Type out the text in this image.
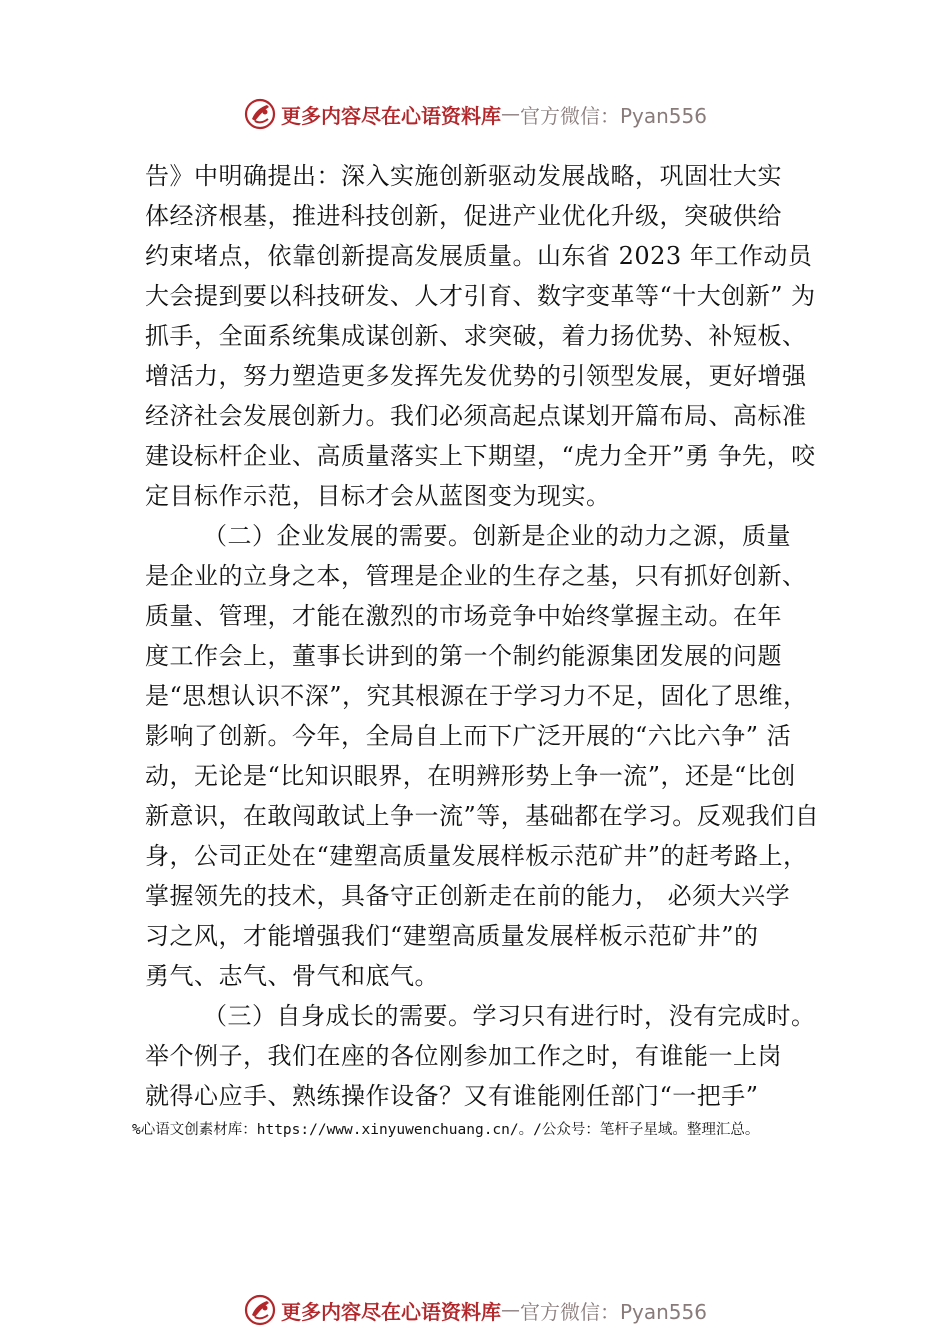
更多内容尽在心语资料库 — 官方微信：Pyan556
告》中明确提出：深入实施创新驱动发展战略，巩固壮大实
体经济根基，推进科技创新，促进产业优化升级，突破供给
约束堵点，依靠创新提高发展质量。山东省 2023 年工作动员
大会提到要以科技研发、人才引育、数字变革等“十大创新” 为
抓手，全面系统集成谋创新、求突破，着力扬优势、补短板、
增活力，努力塑造更多发挥先发优势的引领型发展，更好增强
经济社会发展创新力。我们必须高起点谋划开篇布局、高标准
建设标杆企业、高质量落实上下期望，“虎力全开”勇 争先，咬
定目标作示范，目标才会从蓝图变为现实。
（二）企业发展的需要。创新是企业的动力之源，质量
是企业的立身之本，管理是企业的生存之基，只有抓好创新、
质量、管理，才能在激烈的市场竞争中始终掌握主动。在年
度工作会上，董事长讲到的第一个制约能源集团发展的问题
是“思想认识不深”，究其根源在于学习力不足，固化了思维，
影响了创新。今年，全局自上而下广泛开展的“六比六争” 活
动，无论是“比知识眼界，在明辨形势上争一流”，还是“比创
新意识，在敢闯敢试上争一流”等，基础都在学习。反观我们自
身，公司正处在“建塑高质量发展样板示范矿井”的赶考路上，
掌握领先的技术，具备守正创新走在前的能力， 必须大兴学
习之风，才能增强我们“建塑高质量发展样板示范矿井”的
勇气、志气、骨气和底气。
（三）自身成长的需要。学习只有进行时，没有完成时。
举个例子，我们在座的各位刚参加工作之时，有谁能一上岗
就得心应手、熟练操作设备？又有谁能刚任部门“一把手”
%心语文创素材库：https://www.xinyuwenchuang.cn/。/公众号：笔杆子星域。整理汇总。
更多内容尽在心语资料库 — 官方微信：Pyan556
